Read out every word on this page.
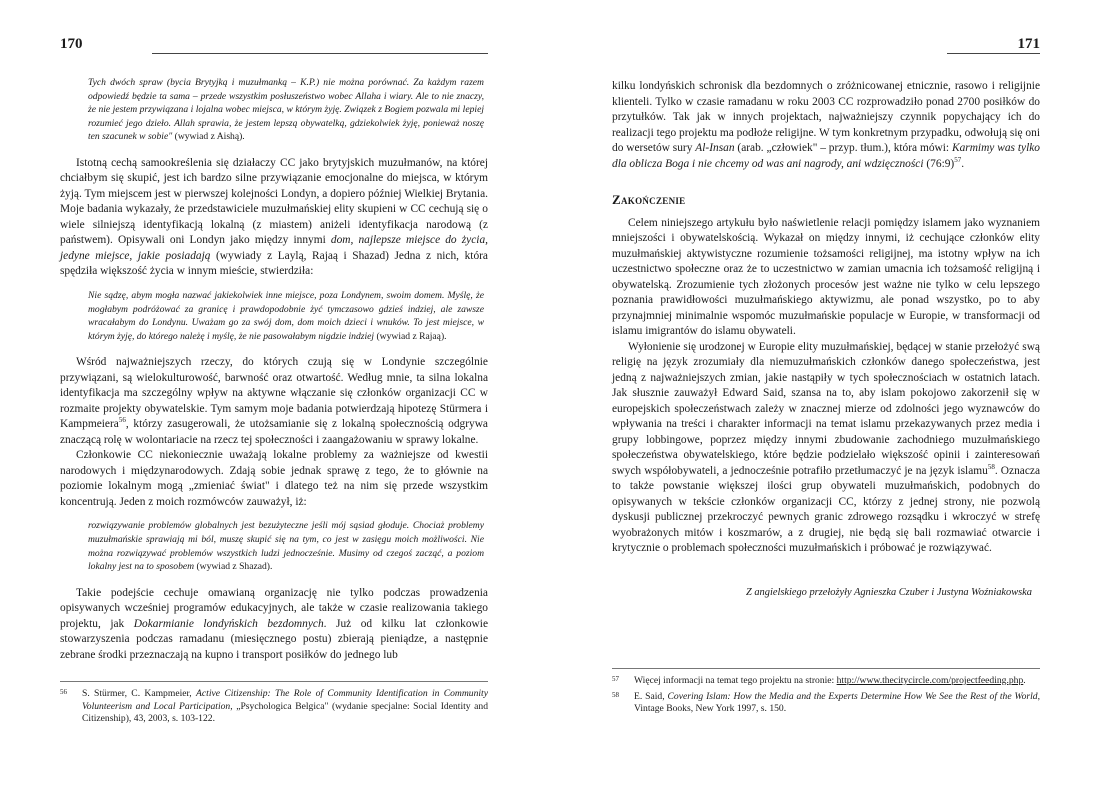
170

Tych dwóch spraw (bycia Brytyjką i muzułmanką – K.P.) nie można porównać. Za każdym razem odpowiedź będzie ta sama – przede wszystkim posłuszeństwo wobec Allaha i wiary. Ale to nie znaczy, że nie jestem przywiązana i lojalna wobec miejsca, w którym żyję. Związek z Bogiem pozwala mi lepiej rozumieć jego dzieło. Allah sprawia, że jestem lepszą obywatelką, gdziekolwiek żyję, ponieważ noszę ten szacunek w sobie" (wywiad z Aishą).

Istotną cechą samookreślenia się działaczy CC jako brytyjskich muzułmanów, na której chciałbym się skupić, jest ich bardzo silne przywiązanie emocjonalne do miejsca, w którym żyją. Tym miejscem jest w pierwszej kolejności Londyn, a dopiero później Wielkiej Brytania. Moje badania wykazały, że przedstawiciele muzułmańskiej elity skupieni w CC cechują się o wiele silniejszą identyfikacją lokalną (z miastem) aniżeli identyfikacja narodową (z państwem). Opisywali oni Londyn jako między innymi dom, najlepsze miejsce do życia, jedyne miejsce, jakie posiadają (wywiady z Laylą, Rajaą i Shazad) Jedna z nich, która spędziła większość życia w innym mieście, stwierdziła:

Nie sądzę, abym mogła nazwać jakiekolwiek inne miejsce, poza Londynem, swoim domem. Myślę, że mogłabym podróżować za granicę i prawdopodobnie żyć tymczasowo gdzieś indziej, ale zawsze wracałabym do Londynu. Uważam go za swój dom, dom moich dzieci i wnuków. To jest miejsce, w którym żyję, do którego należę i myślę, że nie pasowałabym nigdzie indziej (wywiad z Rajaą).

Wśród najważniejszych rzeczy, do których czują się w Londynie szczególnie przywiązani, są wielokulturowość, barwność oraz otwartość. Według mnie, ta silna lokalna identyfikacja ma szczególny wpływ na aktywne włączanie się członków organizacji CC w rozmaite projekty obywatelskie. Tym samym moje badania potwierdzają hipotezę Stürmera i Kampmeiera$^{56}$, którzy zasugerowali, że utożsamianie się z lokalną społecznością odgrywa znaczącą rolę w wolontariacie na rzecz tej społeczności i zaangażowaniu w sprawy lokalne.

Członkowie CC niekoniecznie uważają lokalne problemy za ważniejsze od kwestii narodowych i międzynarodowych. Zdają sobie jednak sprawę z tego, że to głównie na poziomie lokalnym mogą „zmieniać świat" i dlatego też na nim się przede wszystkim koncentrują. Jeden z moich rozmówców zauważył, iż:

rozwiązywanie problemów globalnych jest bezużyteczne jeśli mój sąsiad głoduje. Chociaż problemy muzułmańskie sprawiają mi ból, muszę skupić się na tym, co jest w zasięgu moich możliwości. Nie można rozwiązywać problemów wszystkich ludzi jednocześnie. Musimy od czegoś zacząć, a poziom lokalny jest na to sposobem (wywiad z Shazad).

Takie podejście cechuje omawianą organizację nie tylko podczas prowadzenia opisywanych wcześniej programów edukacyjnych, ale także w czasie realizowania takiego projektu, jak Dokarmianie londyńskich bezdomnych. Już od kilku lat członkowie stowarzyszenia podczas ramadanu (miesięcznego postu) zbierają pieniądze, a następnie zebrane środki przeznaczają na kupno i transport posiłków do jednego lub

56 S. Stürmer, C. Kampmeier, Active Citizenship: The Role of Community Identification in Community Volunteerism and Local Participation, „Psychologica Belgica" (wydanie specjalne: Social Identity and Citizenship), 43, 2003, s. 103-122.
171

kilku londyńskich schronisk dla bezdomnych o zróżnicowanej etnicznie, rasowo i religijnie klienteli. Tylko w czasie ramadanu w roku 2003 CC rozprowadziło ponad 2700 posiłków do przytułków. Tak jak w innych projektach, najważniejszy czynnik popychający ich do realizacji tego projektu ma podłoże religijne. W tym konkretnym przypadku, odwołują się oni do wersetów sury Al-Insan (arab. „człowiek" – przyp. tłum.), która mówi: Karmimy was tylko dla oblicza Boga i nie chcemy od was ani nagrody, ani wdzięczności (76:9)$^{57}$.

Zakończenie

Celem niniejszego artykułu było naświetlenie relacji pomiędzy islamem jako wyznaniem mniejszości i obywatelskością. Wykazał on między innymi, iż cechujące członków elity muzułmańskiej aktywistyczne rozumienie tożsamości religijnej, ma istotny wpływ na ich uczestnictwo społeczne oraz że to uczestnictwo w zamian umacnia ich tożsamość religijną i obywatelską. Zrozumienie tych złożonych procesów jest ważne nie tylko w celu lepszego poznania prawidłowości muzułmańskiego aktywizmu, ale ponad wszystko, po to aby przynajmniej minimalnie wspomóc muzułmańskie populacje w Europie, w transformacji od islamu imigrantów do islamu obywateli.

Wyłonienie się urodzonej w Europie elity muzułmańskiej, będącej w stanie przełożyć swą religię na język zrozumiały dla niemuzułmańskich członków danego społeczeństwa, jest jedną z najważniejszych zmian, jakie nastąpiły w tych społecznościach w ostatnich latach. Jak słusznie zauważył Edward Said, szansa na to, aby islam pokojowo zakorzenił się w europejskich społeczeństwach zależy w znacznej mierze od zdolności jego wyznawców do wpływania na treści i charakter informacji na temat islamu przekazywanych przez media i grupy lobbingowe, poprzez między innymi zbudowanie zachodniego muzułmańskiego społeczeństwa obywatelskiego, które będzie podzielało większość opinii i zainteresowań swych współobywateli, a jednocześnie potrafiło przetłumaczyć je na język islamu$^{58}$. Oznacza to także powstanie większej ilości grup obywateli muzułmańskich, podobnych do opisywanych w tekście członków organizacji CC, którzy z jednej strony, nie pozwolą dyskusji publicznej przekroczyć pewnych granic zdrowego rozsądku i wkroczyć w strefę wyobrażonych mitów i koszmarów, a z drugiej, nie będą się bali rozmawiać otwarcie i krytycznie o problemach społeczności muzułmańskich i próbować je rozwiązywać.

Z angielskiego przełożyły Agnieszka Czuber i Justyna Woźniakowska

57 Więcej informacji na temat tego projektu na stronie: http://www.thecitycircle.com/projectfeeding.php.
58 E. Said, Covering Islam: How the Media and the Experts Determine How We See the Rest of the World, Vintage Books, New York 1997, s. 150.
